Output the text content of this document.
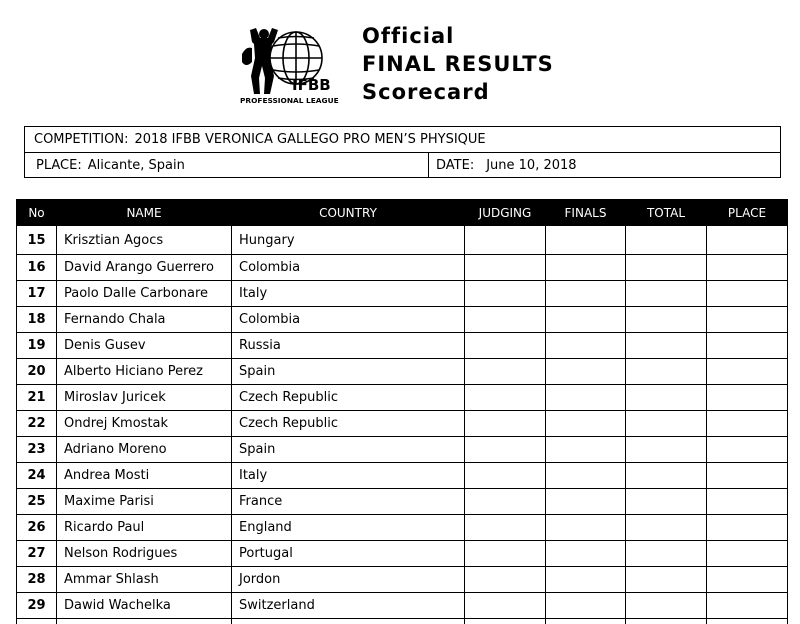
IFBB
PROFESSIONAL LEAGUE
Official
FINAL RESULTS
Scorecard
COMPETITION: 2018 IFBB VERONICA GALLEGO PRO MEN’S PHYSIQUE
PLACE: Alicante, Spain	DATE: June 10, 2018
No	NAME	COUNTRY	JUDGING	FINALS	TOTAL	PLACE
15	Krisztian Agocs	Hungary				
16	David Arango Guerrero	Colombia				
17	Paolo Dalle Carbonare	Italy				
18	Fernando Chala	Colombia				
19	Denis Gusev	Russia				
20	Alberto Hiciano Perez	Spain				
21	Miroslav Juricek	Czech Republic				
22	Ondrej Kmostak	Czech Republic				
23	Adriano Moreno	Spain				
24	Andrea Mosti	Italy				
25	Maxime Parisi	France				
26	Ricardo Paul	England				
27	Nelson Rodrigues	Portugal				
28	Ammar Shlash	Jordon				
29	Dawid Wachelka	Switzerland				
